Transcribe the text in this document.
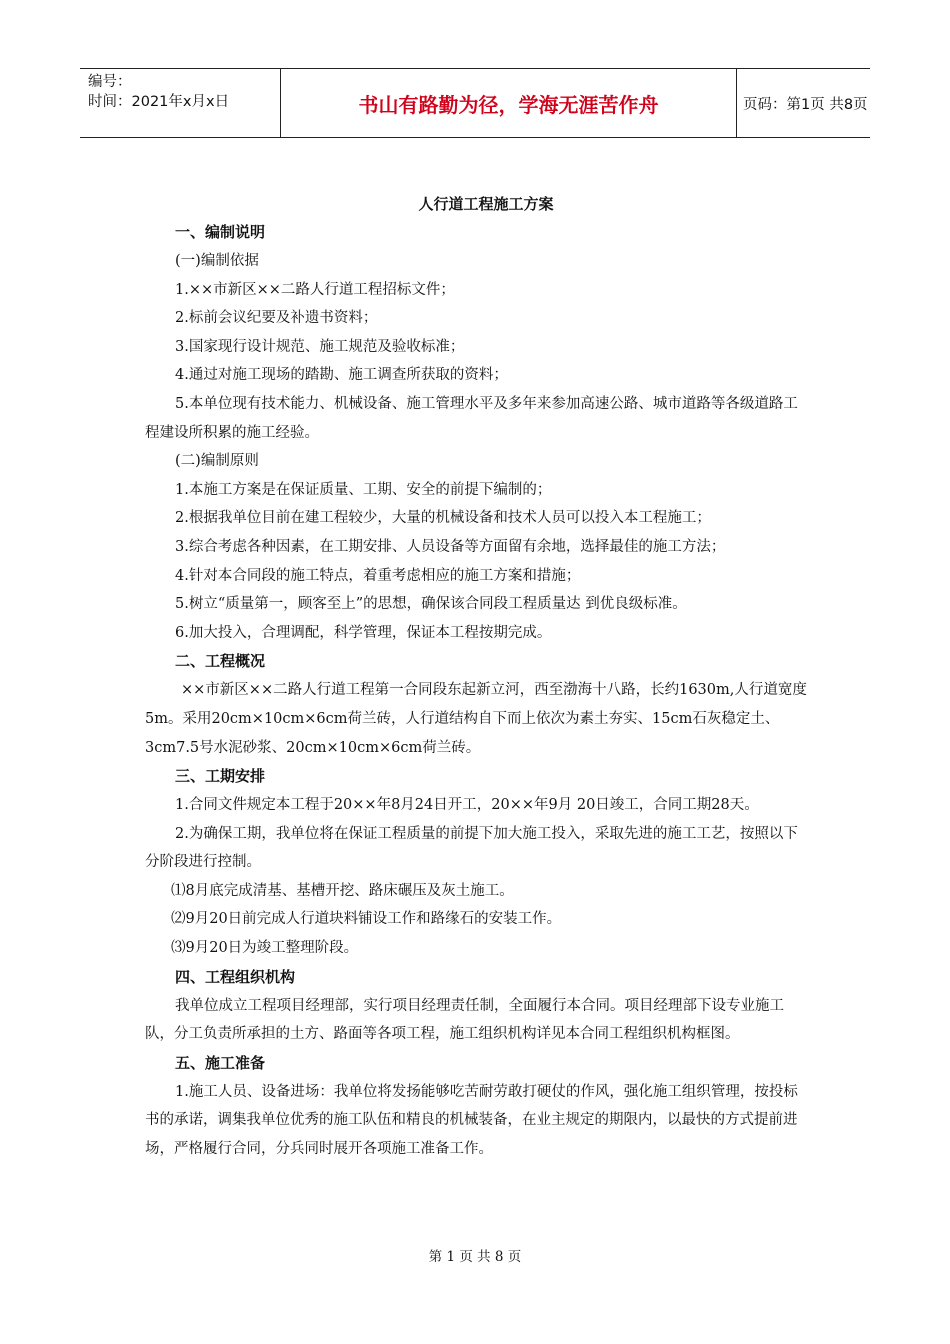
编号：
时间：2021年x月x日	书山有路勤为径，学海无涯苦作舟	页码：第1页 共8页
人行道工程施工方案
一、编制说明

(一)编制依据

1.××市新区××二路人行道工程招标文件；

2.标前会议纪要及补遗书资料；

3.国家现行设计规范、施工规范及验收标准；

4.通过对施工现场的踏勘、施工调查所获取的资料；

5.本单位现有技术能力、机械设备、施工管理水平及多年来参加高速公路、城市道路等各级道路工程建设所积累的施工经验。

(二)编制原则

1.本施工方案是在保证质量、工期、安全的前提下编制的；

2.根据我单位目前在建工程较少，大量的机械设备和技术人员可以投入本工程施工；

3.综合考虑各种因素，在工期安排、人员设备等方面留有余地，选择最佳的施工方法；

4.针对本合同段的施工特点，着重考虑相应的施工方案和措施；

5.树立“质量第一，顾客至上”的思想，确保该合同段工程质量达 到优良级标准。

6.加大投入，合理调配，科学管理，保证本工程按期完成。

二、工程概况

××市新区××二路人行道工程第一合同段东起新立河，西至渤海十八路，长约1630m,人行道宽度5m。采用20cm×10cm×6cm荷兰砖，人行道结构自下而上依次为素土夯实、15cm石灰稳定土、3cm7.5号水泥砂浆、20cm×10cm×6cm荷兰砖。

三、工期安排

1.合同文件规定本工程于20××年8月24日开工，20××年9月 20日竣工，合同工期28天。

2.为确保工期，我单位将在保证工程质量的前提下加大施工投入，采取先进的施工工艺，按照以下分阶段进行控制。

⑴8月底完成清基、基槽开挖、路床碾压及灰土施工。

⑵9月20日前完成人行道块料铺设工作和路缘石的安装工作。

⑶9月20日为竣工整理阶段。

四、工程组织机构

我单位成立工程项目经理部，实行项目经理责任制，全面履行本合同。项目经理部下设专业施工队，分工负责所承担的土方、路面等各项工程，施工组织机构详见本合同工程组织机构框图。

五、施工准备

1.施工人员、设备进场：我单位将发扬能够吃苦耐劳敢打硬仗的作风，强化施工组织管理，按投标书的承诺，调集我单位优秀的施工队伍和精良的机械装备，在业主规定的期限内，以最快的方式提前进场，严格履行合同，分兵同时展开各项施工准备工作。

第 1 页 共 8 页
